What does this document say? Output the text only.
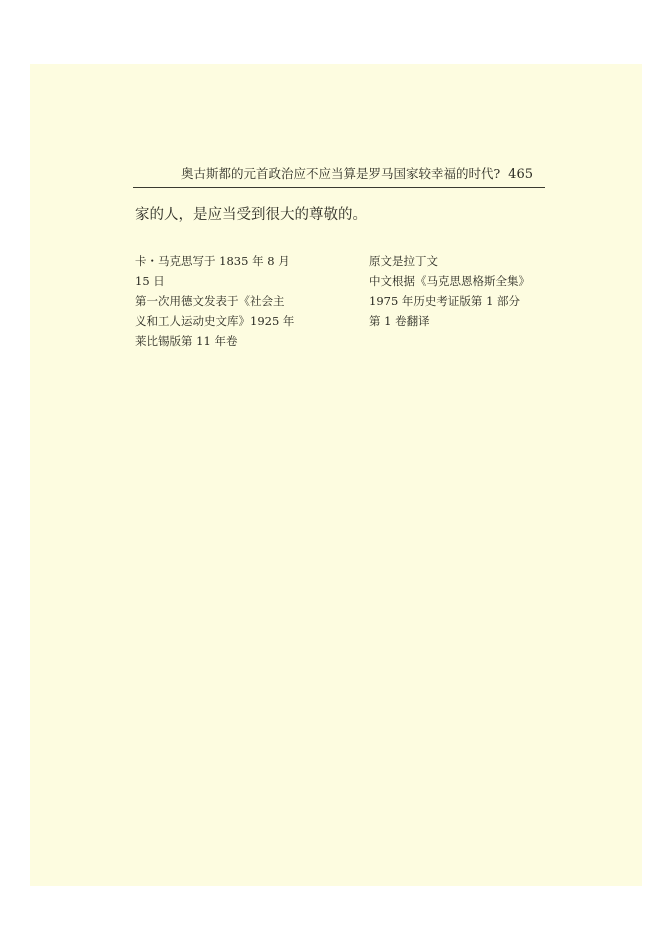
奥古斯都的元首政治应不应当算是罗马国家较幸福的时代? 465
家的人，是应当受到很大的尊敬的。
卡・马克思写于 1835 年 8 月
15 日
第一次用德文发表于《社会主
义和工人运动史文库》1925 年
莱比锡版第 11 年卷
原文是拉丁文
中文根据《马克思恩格斯全集》
1975 年历史考证版第 1 部分
第 1 卷翻译
